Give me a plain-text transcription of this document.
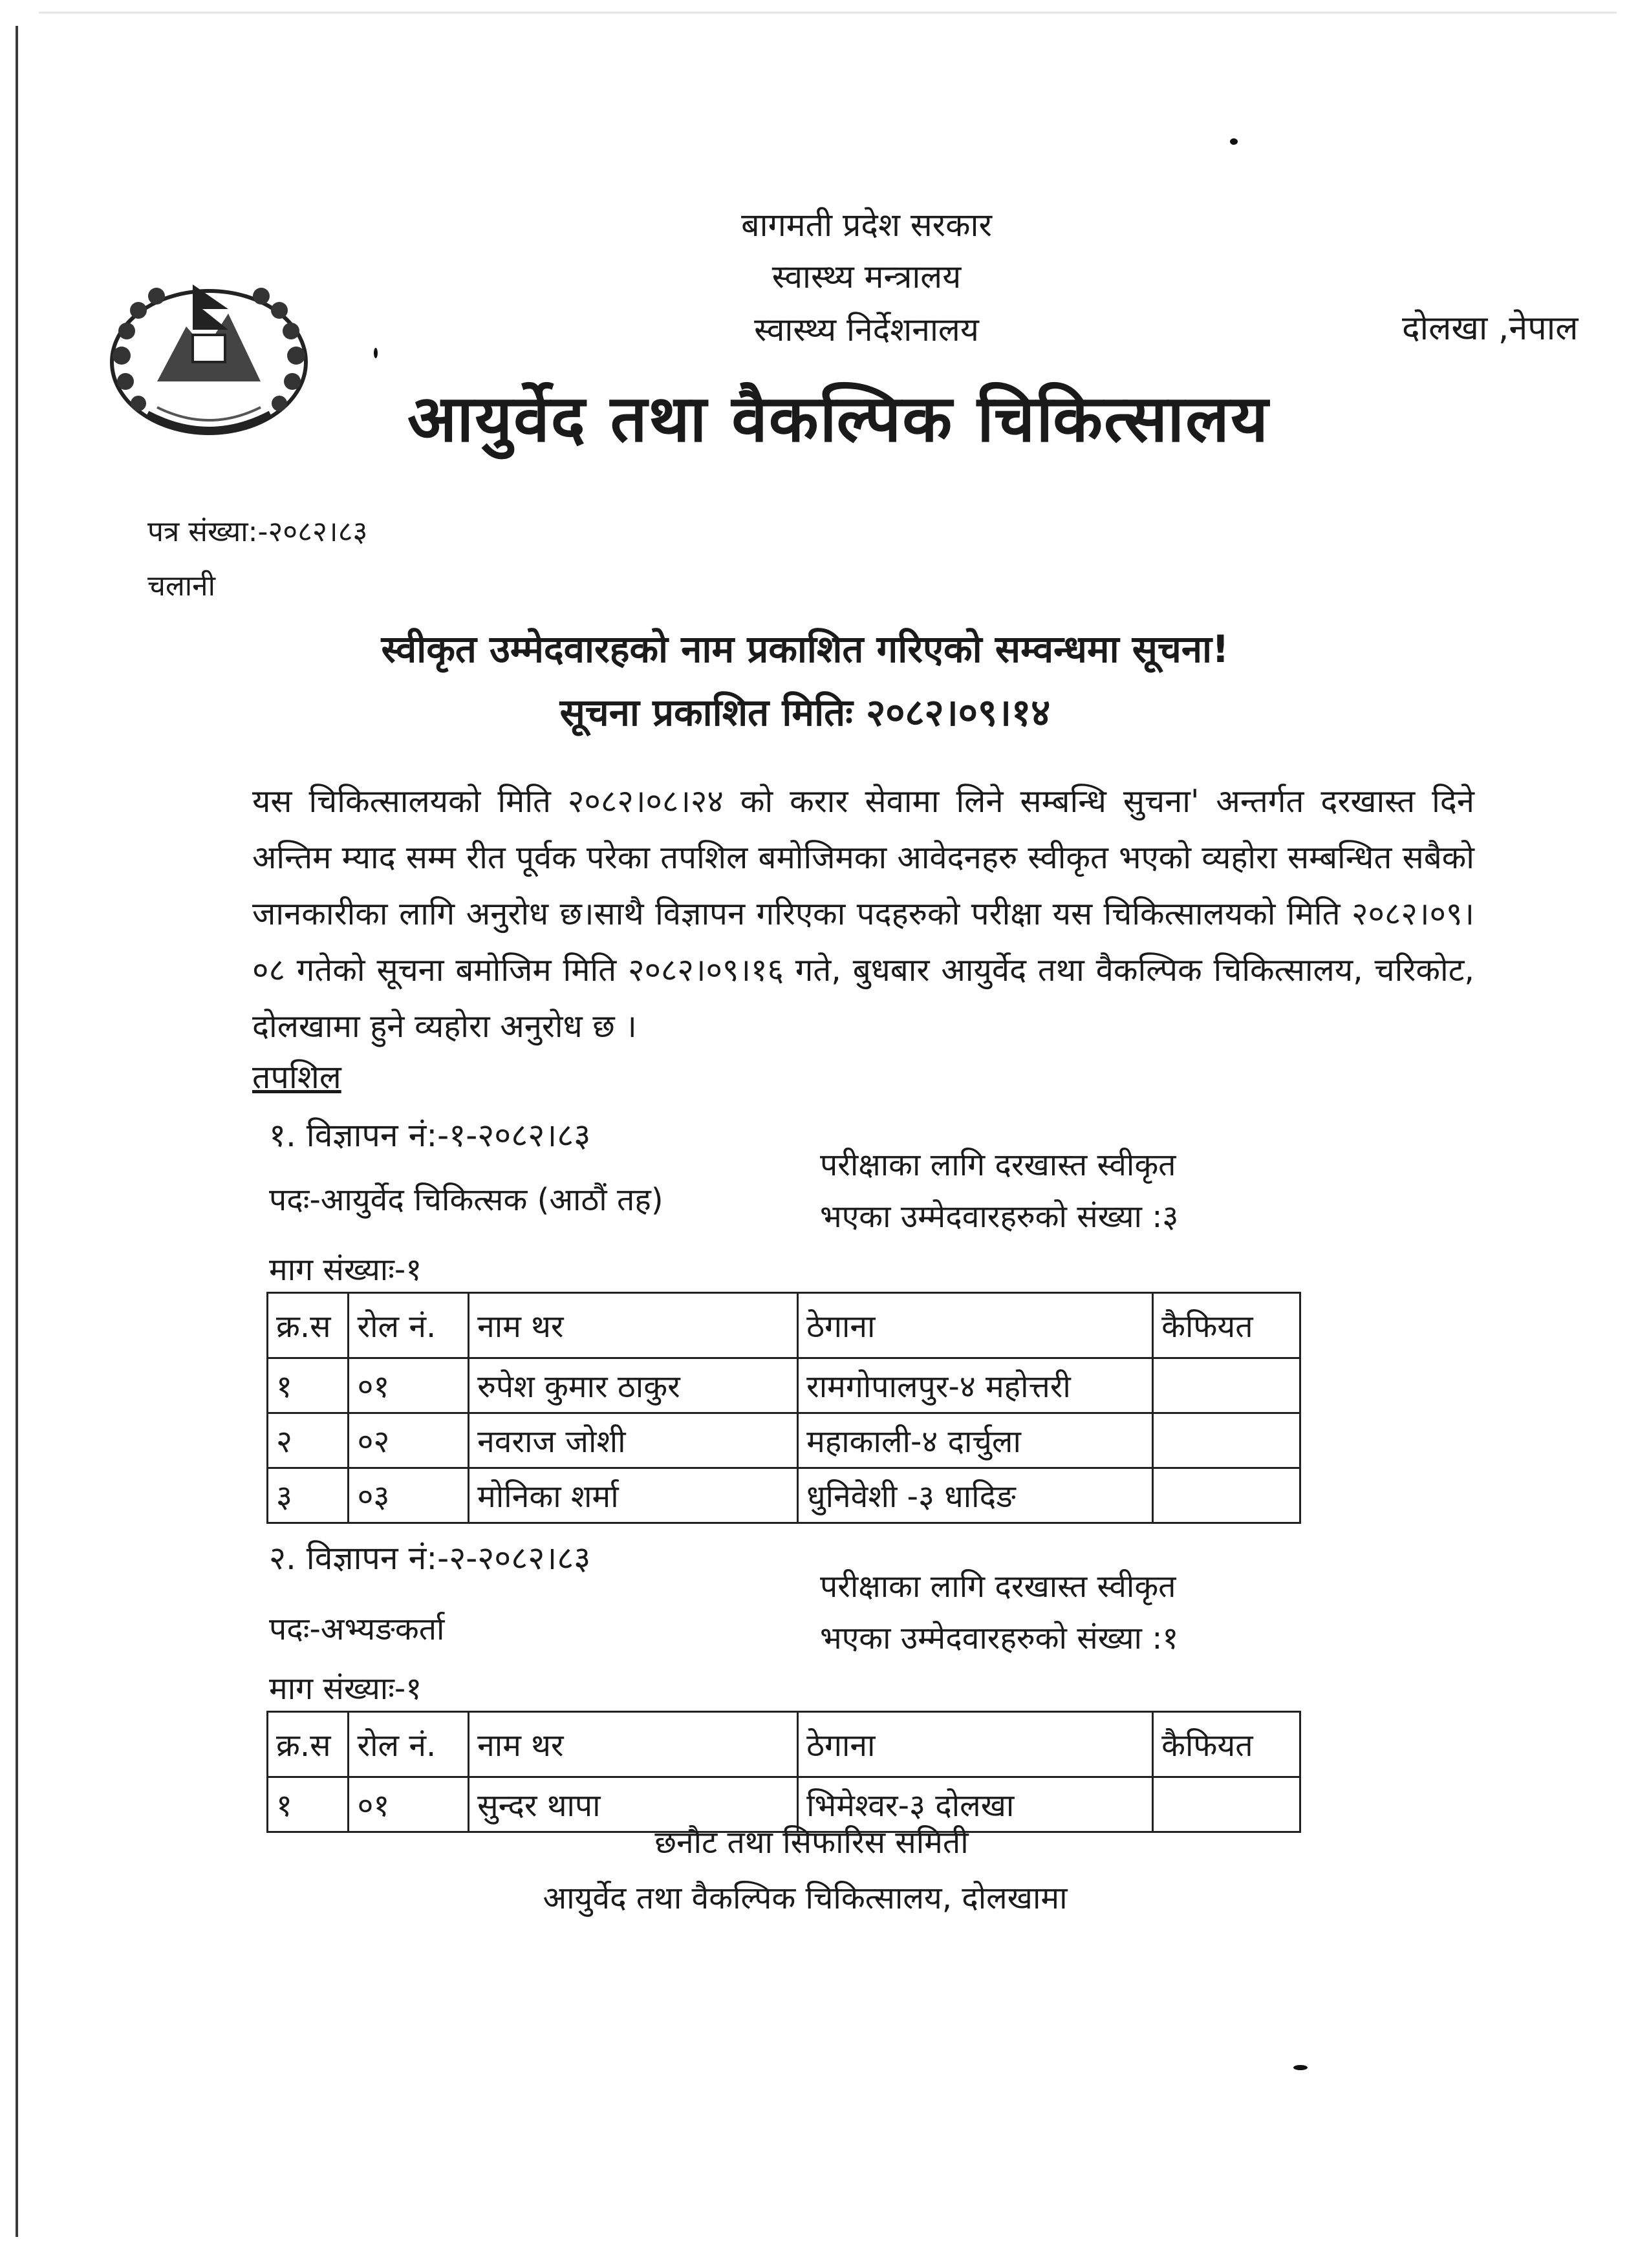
बागमती प्रदेश सरकार
स्वास्थ्य मन्त्रालय
स्वास्थ्य निर्देशनालय	दोलखा ,नेपाल
आयुर्वेद तथा वैकल्पिक चिकित्सालय
पत्र संख्या:-२०८२।८३
चलानी
स्वीकृत उम्मेदवारहको नाम प्रकाशित गरिएको सम्वन्धमा सूचना!
सूचना प्रकाशित मितिः २०८२।०९।१४
यस चिकित्सालयको मिति २०८२।०८।२४ को करार सेवामा लिने सम्बन्धि सुचना' अन्तर्गत दरखास्त दिने अन्तिम म्याद सम्म रीत पूर्वक परेका तपशिल बमोजिमका आवेदनहरु स्वीकृत भएको व्यहोरा सम्बन्धित सबैको जानकारीका लागि अनुरोध छ।साथै विज्ञापन गरिएका पदहरुको परीक्षा यस चिकित्सालयको मिति २०८२।०९।०८ गतेको सूचना बमोजिम मिति २०८२।०९।१६ गते, बुधबार आयुर्वेद तथा वैकल्पिक चिकित्सालय, चरिकोट, दोलखामा हुने व्यहोरा अनुरोध छ ।
तपशिल
१. विज्ञापन नं:-१-२०८२।८३
पदः-आयुर्वेद चिकित्सक (आठौं तह)
माग संख्याः-१
परीक्षाका लागि दरखास्त स्वीकृत
भएका उम्मेदवारहरुको संख्या :३
क्र.स	रोल नं.	नाम थर	ठेगाना	कैफियत
१	०१	रुपेश कुमार ठाकुर	रामगोपालपुर-४ महोत्तरी	
२	०२	नवराज जोशी	महाकाली-४ दार्चुला	
३	०३	मोनिका शर्मा	धुनिवेशी -३ धादिङ	
२. विज्ञापन नं:-२-२०८२।८३
पदः-अभ्यङकर्ता
माग संख्याः-१
परीक्षाका लागि दरखास्त स्वीकृत
भएका उम्मेदवारहरुको संख्या :१
क्र.स	रोल नं.	नाम थर	ठेगाना	कैफियत
१	०१	सुन्दर थापा	भिमेश्वर-३ दोलखा	
छनौट तथा सिफारिस समिती
आयुर्वेद तथा वैकल्पिक चिकित्सालय, दोलखामा
